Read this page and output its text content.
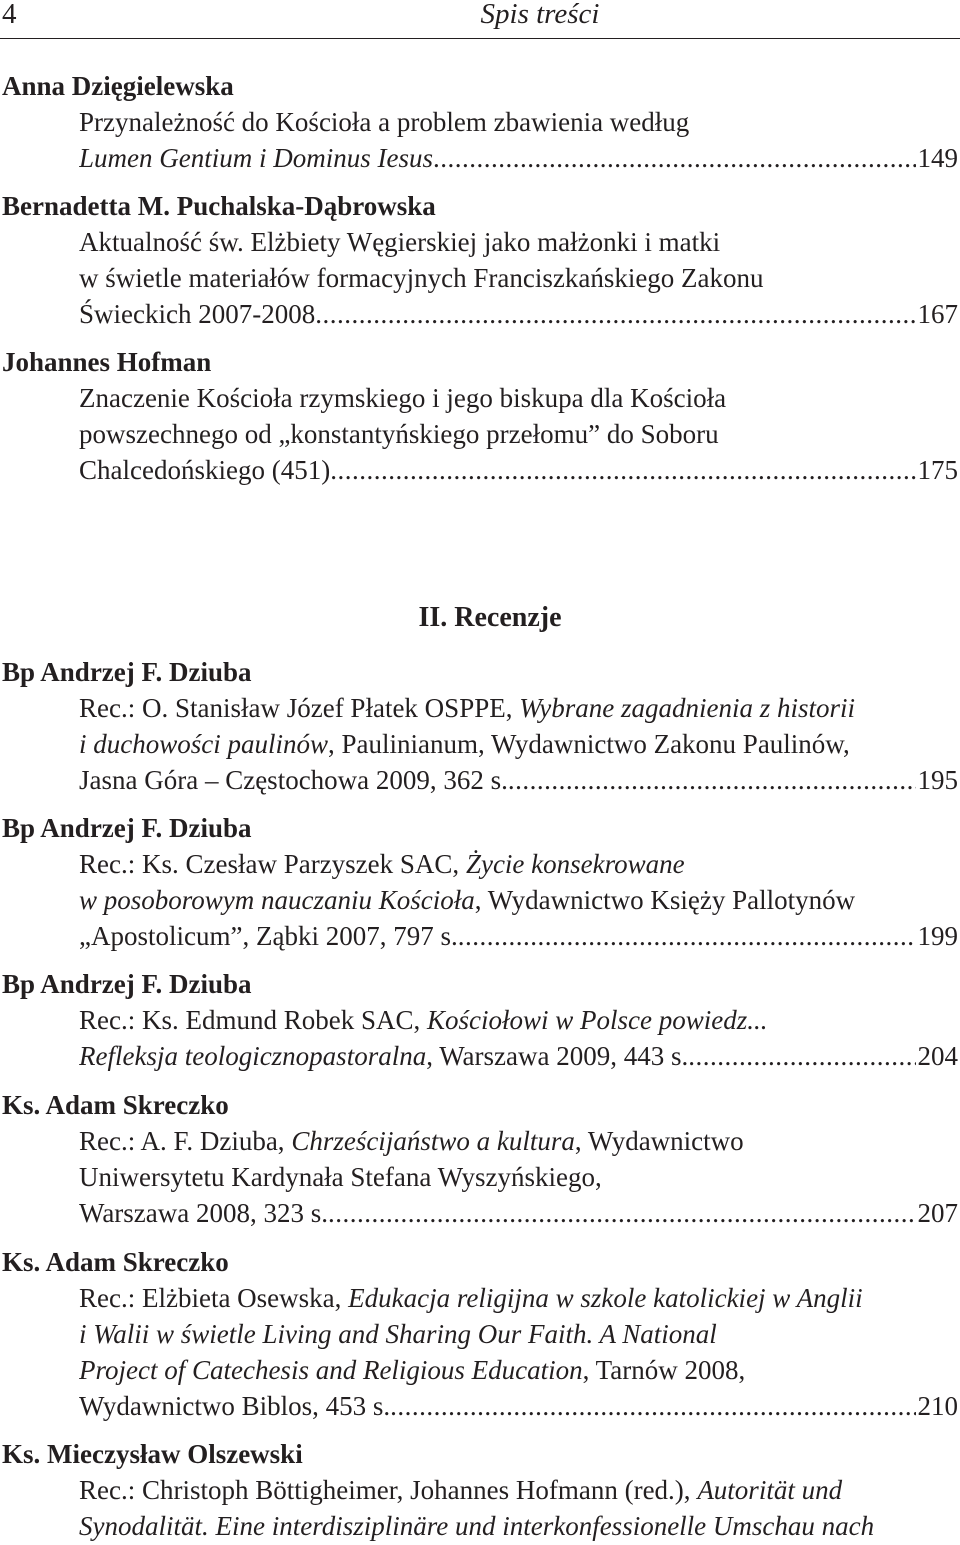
4	Spis treści
Anna Dzięgielewska
Przynależność do Kościoła a problem zbawienia według
Lumen Gentium i Dominus Iesus .....	149
Bernadetta M. Puchalska-Dąbrowska
Aktualność św. Elżbiety Węgierskiej jako małżonki i matki
w świetle materiałów formacyjnych Franciszkańskiego Zakonu
Świeckich 2007-2008 .....	167
Johannes Hofman
Znaczenie Kościoła rzymskiego i jego biskupa dla Kościoła
powszechnego od „konstantyńskiego przełomu” do Soboru
Chalcedońskiego (451) .....	175
II. Recenzje
Bp Andrzej F. Dziuba
Rec.: O. Stanisław Józef Płatek OSPPE, Wybrane zagadnienia z historii
i duchowości paulinów, Paulinianum, Wydawnictwo Zakonu Paulinów,
Jasna Góra – Częstochowa 2009, 362 s. .....	195
Bp Andrzej F. Dziuba
Rec.: Ks. Czesław Parzyszek SAC, Życie konsekrowane
w posoborowym nauczaniu Kościoła, Wydawnictwo Księży Pallotynów
„Apostolicum”, Ząbki 2007, 797 s. .....	199
Bp Andrzej F. Dziuba
Rec.: Ks. Edmund Robek SAC, Kościołowi w Polsce powiedz...
Refleksja teologicznopastoralna, Warszawa 2009, 443 s. .....	204
Ks. Adam Skreczko
Rec.: A. F. Dziuba, Chrześcijaństwo a kultura, Wydawnictwo
Uniwersytetu Kardynała Stefana Wyszyńskiego,
Warszawa 2008, 323 s. .....	207
Ks. Adam Skreczko
Rec.: Elżbieta Osewska, Edukacja religijna w szkole katolickiej w Anglii
i Walii w świetle Living and Sharing Our Faith. A National
Project of Catechesis and Religious Education, Tarnów 2008,
Wydawnictwo Biblos, 453 s. .....	210
Ks. Mieczysław Olszewski
Rec.: Christoph Böttigheimer, Johannes Hofmann (red.), Autorität und
Synodalität. Eine interdisziplinäre und interkonfessionelle Umschau nach
